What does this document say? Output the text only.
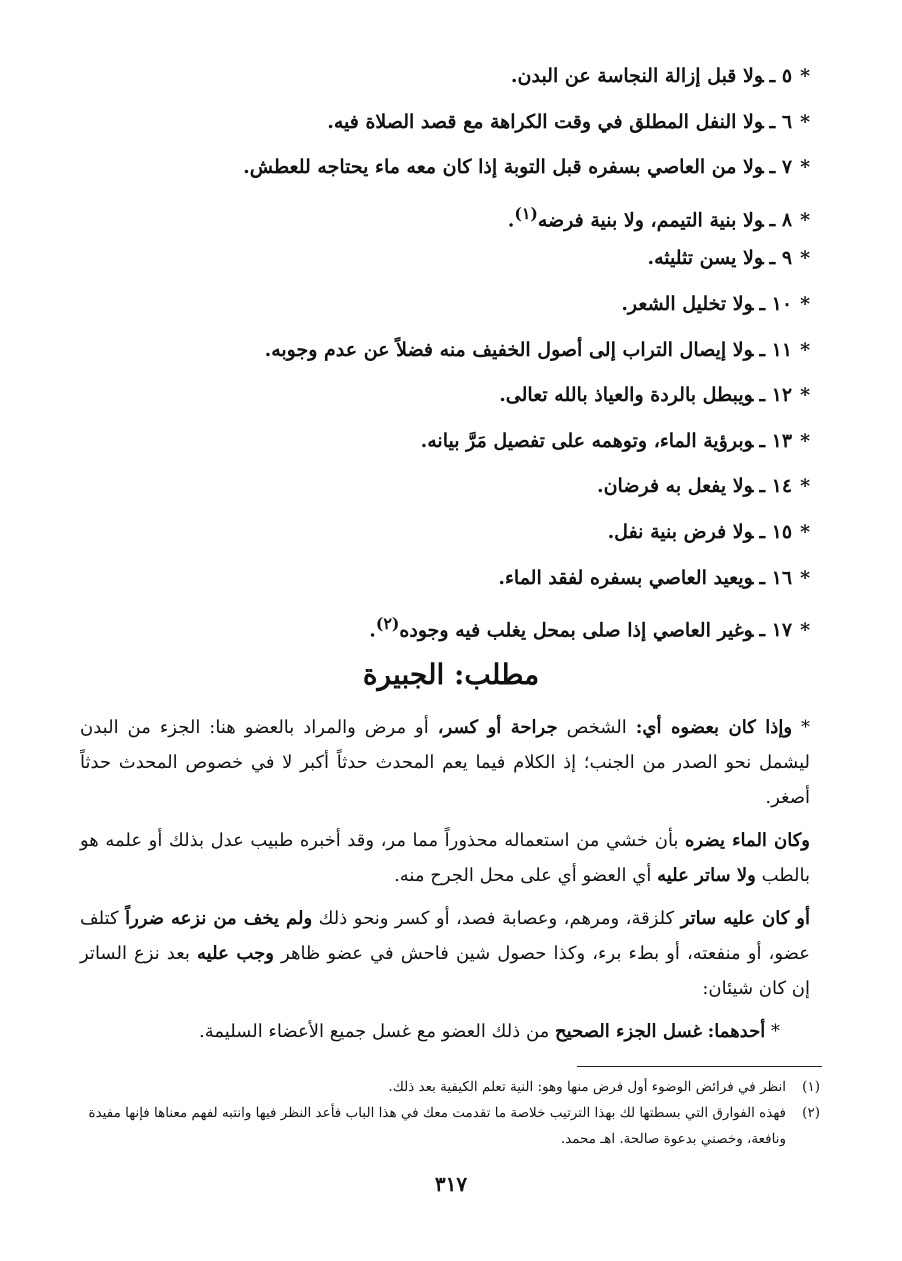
*٥ ـولا قبل إزالة النجاسة عن البدن.
*٦ ـولا النفل المطلق في وقت الكراهة مع قصد الصلاة فيه.
*٧ ـولا من العاصي بسفره قبل التوبة إذا كان معه ماء يحتاجه للعطش.
*٨ ـولا بنية التيمم، ولا بنية فرضه$^{(١)}$.
*٩ ـولا يسن تثليثه.
*١٠ ـولا تخليل الشعر.
*١١ ـولا إيصال التراب إلى أصول الخفيف منه فضلاً عن عدم وجوبه.
*١٢ ـويبطل بالردة والعياذ بالله تعالى.
*١٣ ـوبرؤية الماء، وتوهمه على تفصيل مَرَّ بيانه.
*١٤ ـولا يفعل به فرضان.
*١٥ ـولا فرض بنية نفل.
*١٦ ـويعيد العاصي بسفره لفقد الماء.
*١٧ ـوغير العاصي إذا صلى بمحل يغلب فيه وجوده$^{(٢)}$.
مطلب: الجبيرة

* وإذا كان بعضوه أي: الشخص جراحة أو كسر، أو مرض والمراد بالعضو هنا: الجزء من البدن ليشمل نحو الصدر من الجنب؛ إذ الكلام فيما يعم المحدث حدثاً أكبر لا في خصوص المحدث حدثاً أصغر.

وكان الماء يضره بأن خشي من استعماله محذوراً مما مر، وقد أخبره طبيب عدل بذلك أو علمه هو بالطب ولا ساتر عليه أي العضو أي على محل الجرح منه.

أو كان عليه ساتر كلزقة، ومرهم، وعصابة فصد، أو كسر ونحو ذلك ولم يخف من نزعه ضرراً كتلف عضو، أو منفعته، أو بطء برء، وكذا حصول شين فاحش في عضو ظاهر وجب عليه بعد نزع الساتر إن كان شيئان:

* أحدهما: غسل الجزء الصحيح من ذلك العضو مع غسل جميع الأعضاء السليمة.

(١)
انظر في فرائض الوضوء أول فرض منها وهو: النية تعلم الكيفية بعد ذلك.
(٢)
فهذه الفوارق التي بسطتها لك بهذا الترتيب خلاصة ما تقدمت معك في هذا الباب فأعد النظر فيها وانتبه لفهم معناها فإنها مفيدة ونافعة، وخصني بدعوة صالحة. اهـ محمد.
٣١٧
